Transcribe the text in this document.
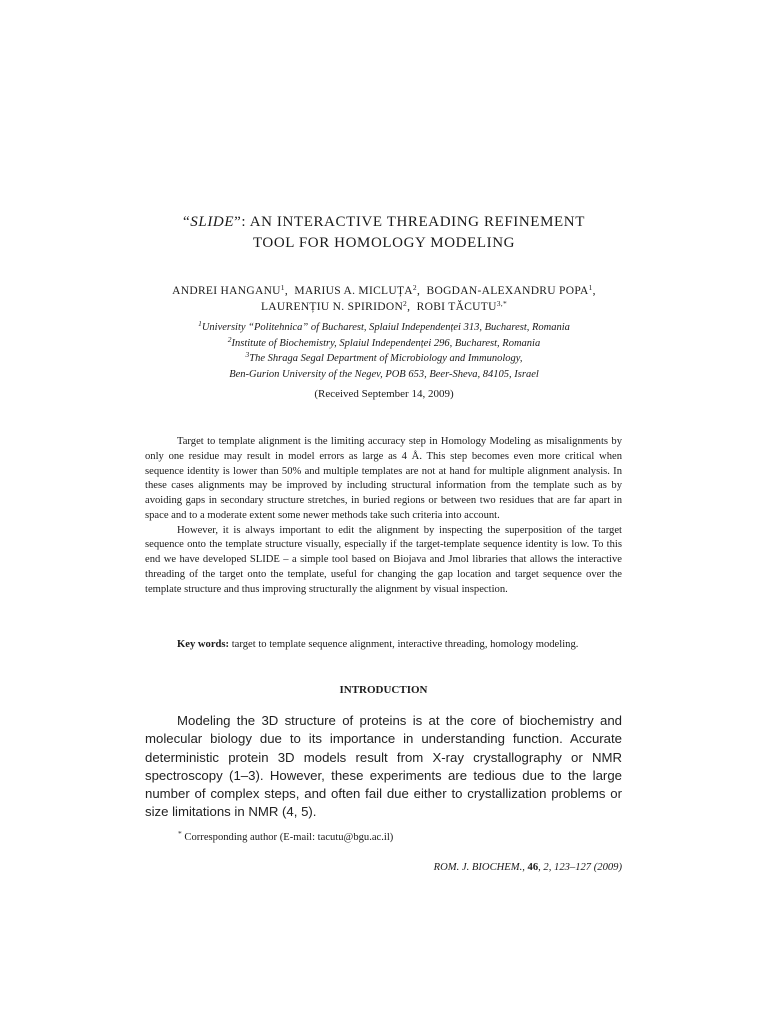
“SLIDE”: AN INTERACTIVE THREADING REFINEMENT
TOOL FOR HOMOLOGY MODELING
ANDREI HANGANU$^1$,  MARIUS A. MICLUȚA$^2$,  BOGDAN-ALEXANDRU POPA$^1$,
LAURENȚIU N. SPIRIDON$^2$,  ROBI $TĂCUTU^{3,*}$
$^1$University “Politehnica” of Bucharest, Splaiul Independenței 313, Bucharest, Romania
$^2$Institute of Biochemistry, Splaiul Independenței 296, Bucharest, Romania
$^3$The Shraga Segal Department of Microbiology and Immunology,
Ben-Gurion University of the Negev, POB 653, Beer-Sheva, 84105, Israel
(Received September 14, 2009)

Target to template alignment is the limiting accuracy step in Homology Modeling as misalignments by only one residue may result in model errors as large as 4 Å. This step becomes even more critical when sequence identity is lower than 50% and multiple templates are not at hand for multiple alignment analysis. In these cases alignments may be improved by including structural information from the template such as by avoiding gaps in secondary structure stretches, in buried regions or between two residues that are far apart in space and to a moderate extent some newer methods take such criteria into account.

However, it is always important to edit the alignment by inspecting the superposition of the target sequence onto the template structure visually, especially if the target-template sequence identity is low. To this end we have developed SLIDE – a simple tool based on Biojava and Jmol libraries that allows the interactive threading of the target onto the template, useful for changing the gap location and target sequence over the template structure and thus improving structurally the alignment by visual inspection.

Key words: target to template sequence alignment, interactive threading, homology modeling.
INTRODUCTION

Modeling the 3D structure of proteins is at the core of biochemistry and molecular biology due to its importance in understanding function. Accurate deterministic protein 3D models result from X-ray crystallography or NMR spectroscopy (1–3). However, these experiments are tedious due to the large number of complex steps, and often fail due either to crystallization problems or size limitations in NMR (4, 5).

* Corresponding author (E-mail: tacutu@bgu.ac.il)
ROM. J. BIOCHEM., 46, 2, 123–127 (2009)
